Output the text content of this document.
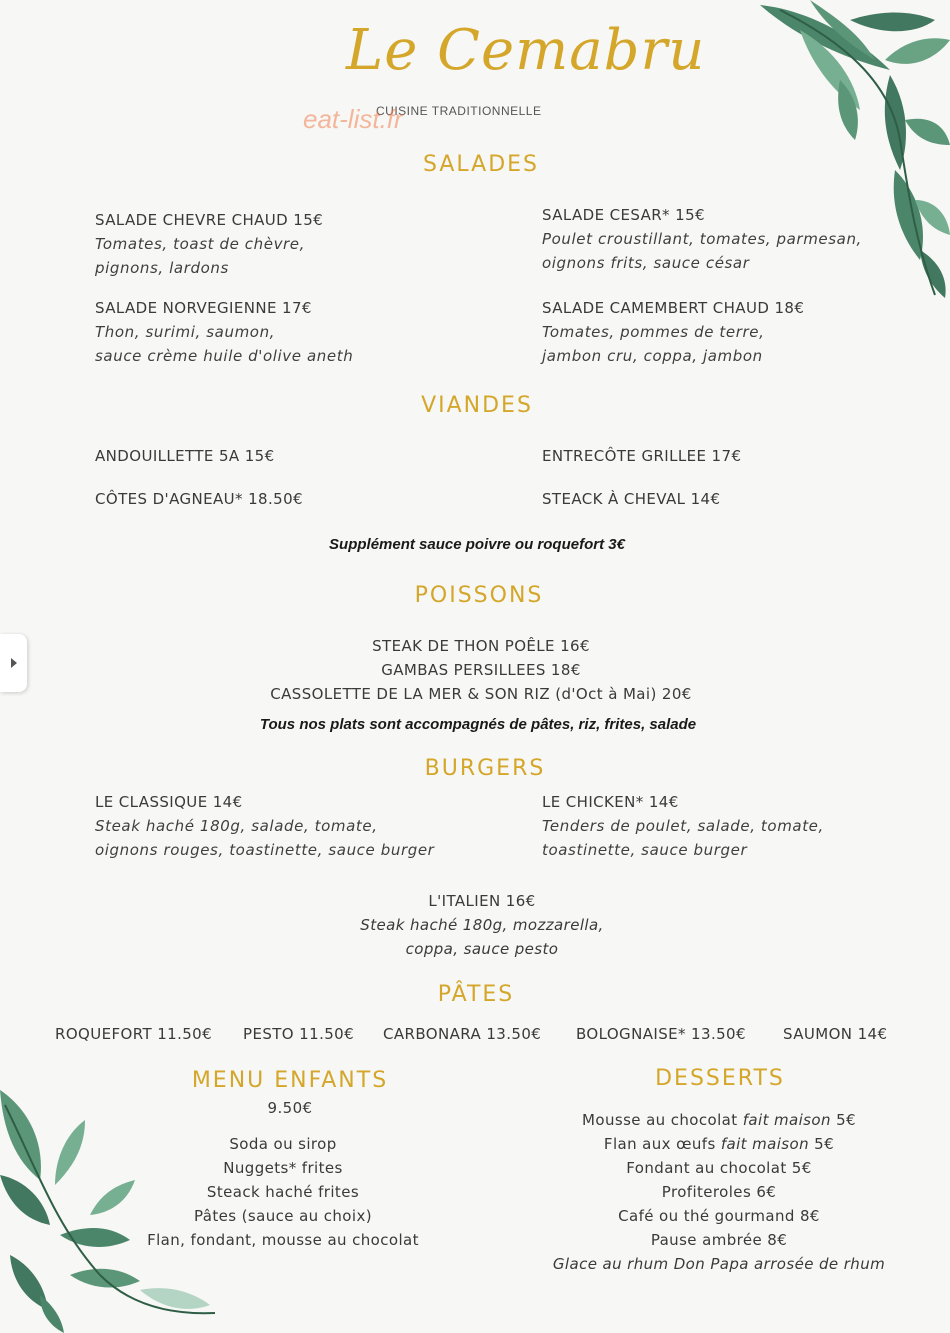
Le Cemabru
CUISINE TRADITIONNELLE
eat-list.fr
SALADES
SALADE CHEVRE CHAUD 15€
Tomates, toast de chèvre,
pignons, lardons
SALADE CESAR* 15€
Poulet croustillant, tomates, parmesan,
oignons frits, sauce césar
SALADE NORVEGIENNE 17€
Thon, surimi, saumon,
sauce crème huile d'olive aneth
SALADE CAMEMBERT CHAUD 18€
Tomates, pommes de terre,
jambon cru, coppa, jambon
VIANDES
ANDOUILLETTE 5A 15€	ENTRECÔTE GRILLEE 17€
CÔTES D'AGNEAU* 18.50€	STEACK À CHEVAL 14€
Supplément sauce poivre ou roquefort 3€
POISSONS
STEAK DE THON POÊLE 16€
GAMBAS PERSILLEES 18€
CASSOLETTE DE LA MER & SON RIZ (d'Oct à Mai) 20€
Tous nos plats sont accompagnés de pâtes, riz, frites, salade
BURGERS
LE CLASSIQUE 14€
Steak haché 180g, salade, tomate,
oignons rouges, toastinette, sauce burger
LE CHICKEN* 14€
Tenders de poulet, salade, tomate,
toastinette, sauce burger
L'ITALIEN 16€
Steak haché 180g, mozzarella,
coppa, sauce pesto
PÂTES
ROQUEFORT 11.50€ PESTO 11.50€ CARBONARA 13.50€ BOLOGNAISE* 13.50€ SAUMON 14€
MENU ENFANTS
9.50€
Soda ou sirop
Nuggets* frites
Steack haché frites
Pâtes (sauce au choix)
Flan, fondant, mousse au chocolat
DESSERTS
Mousse au chocolat fait maison 5€
Flan aux œufs fait maison 5€
Fondant au chocolat 5€
Profiteroles 6€
Café ou thé gourmand 8€
Pause ambrée 8€
Glace au rhum Don Papa arrosée de rhum
